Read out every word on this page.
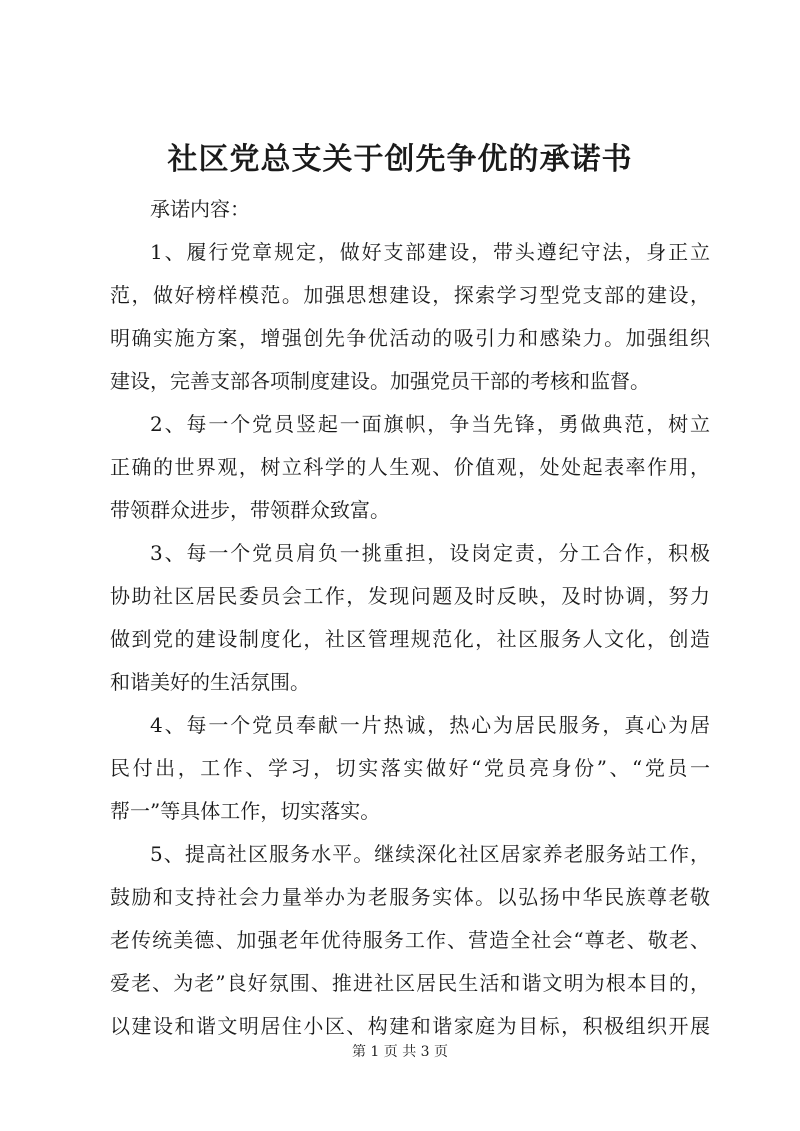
社区党总支关于创先争优的承诺书
承诺内容：
1、履行党章规定，做好支部建设，带头遵纪守法，身正立
范，做好榜样模范。加强思想建设，探索学习型党支部的建设，
明确实施方案，增强创先争优活动的吸引力和感染力。加强组织
建设，完善支部各项制度建设。加强党员干部的考核和监督。
2、每一个党员竖起一面旗帜，争当先锋，勇做典范，树立
正确的世界观，树立科学的人生观、价值观，处处起表率作用，
带领群众进步，带领群众致富。
3、每一个党员肩负一挑重担，设岗定责，分工合作，积极
协助社区居民委员会工作，发现问题及时反映，及时协调，努力
做到党的建设制度化，社区管理规范化，社区服务人文化，创造
和谐美好的生活氛围。
4、每一个党员奉献一片热诚，热心为居民服务，真心为居
民付出，工作、学习，切实落实做好“党员亮身份”、“党员一
帮一”等具体工作，切实落实。
5、提高社区服务水平。继续深化社区居家养老服务站工作，
鼓励和支持社会力量举办为老服务实体。以弘扬中华民族尊老敬
老传统美德、加强老年优待服务工作、营造全社会“尊老、敬老、
爱老、为老”良好氛围、推进社区居民生活和谐文明为根本目的，
以建设和谐文明居住小区、构建和谐家庭为目标，积极组织开展
第 1 页 共 3 页
